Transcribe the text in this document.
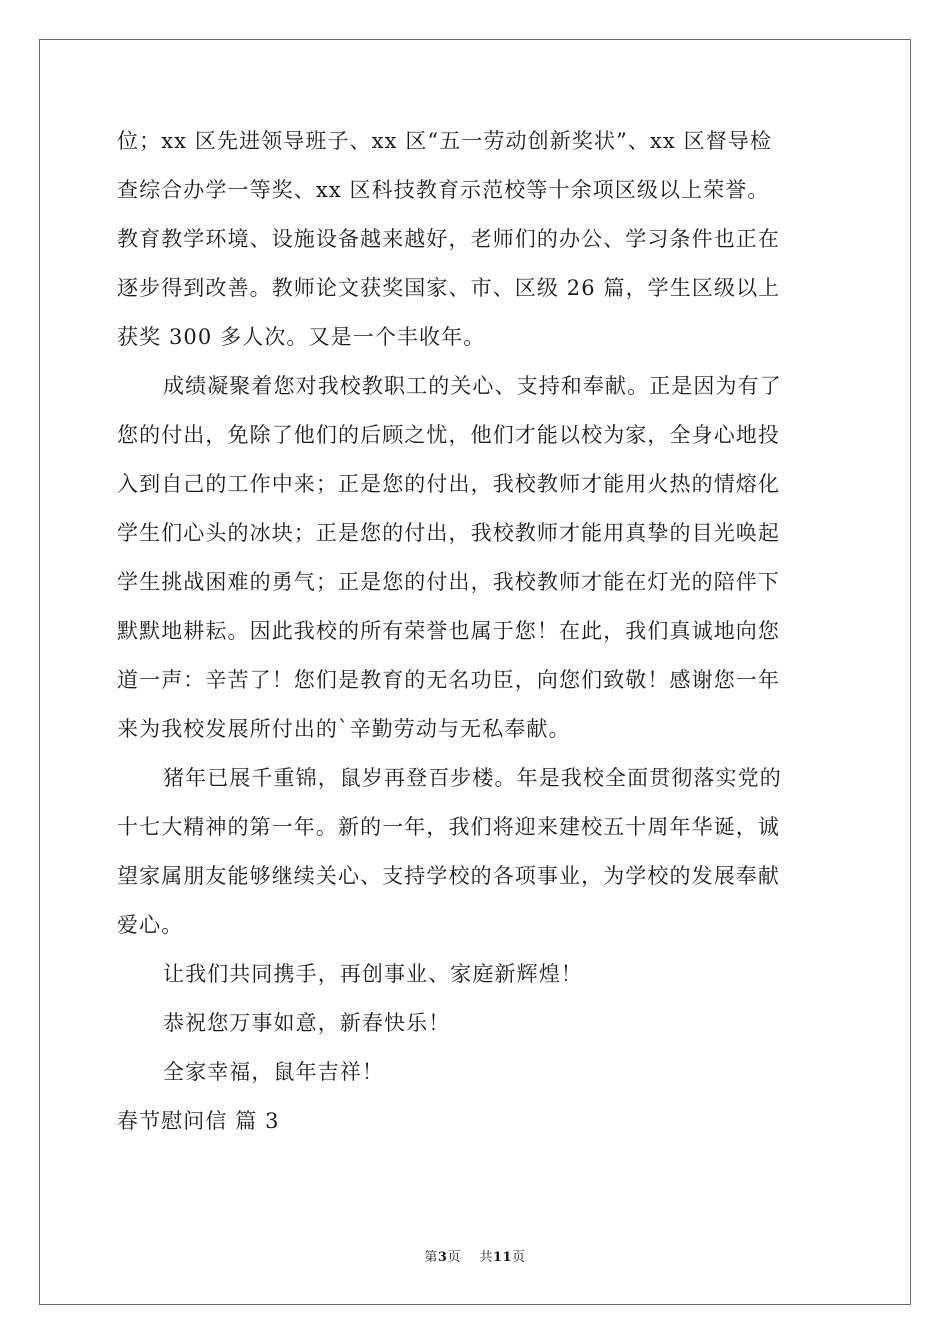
位；xx 区先进领导班子、xx 区“五一劳动创新奖状”、xx 区督导检
查综合办学一等奖、xx 区科技教育示范校等十余项区级以上荣誉。
教育教学环境、设施设备越来越好，老师们的办公、学习条件也正在
逐步得到改善。教师论文获奖国家、市、区级 26 篇，学生区级以上
获奖 300 多人次。又是一个丰收年。
成绩凝聚着您对我校教职工的关心、支持和奉献。正是因为有了
您的付出，免除了他们的后顾之忧，他们才能以校为家，全身心地投
入到自己的工作中来；正是您的付出，我校教师才能用火热的情熔化
学生们心头的冰块；正是您的付出，我校教师才能用真挚的目光唤起
学生挑战困难的勇气；正是您的付出，我校教师才能在灯光的陪伴下
默默地耕耘。因此我校的所有荣誉也属于您！在此，我们真诚地向您
道一声：辛苦了！您们是教育的无名功臣，向您们致敬！感谢您一年
来为我校发展所付出的`辛勤劳动与无私奉献。
猪年已展千重锦，鼠岁再登百步楼。年是我校全面贯彻落实党的
十七大精神的第一年。新的一年，我们将迎来建校五十周年华诞，诚
望家属朋友能够继续关心、支持学校的各项事业，为学校的发展奉献
爱心。
让我们共同携手，再创事业、家庭新辉煌！
恭祝您万事如意，新春快乐！
全家幸福，鼠年吉祥！
春节慰问信 篇 3
第3页 共11页
